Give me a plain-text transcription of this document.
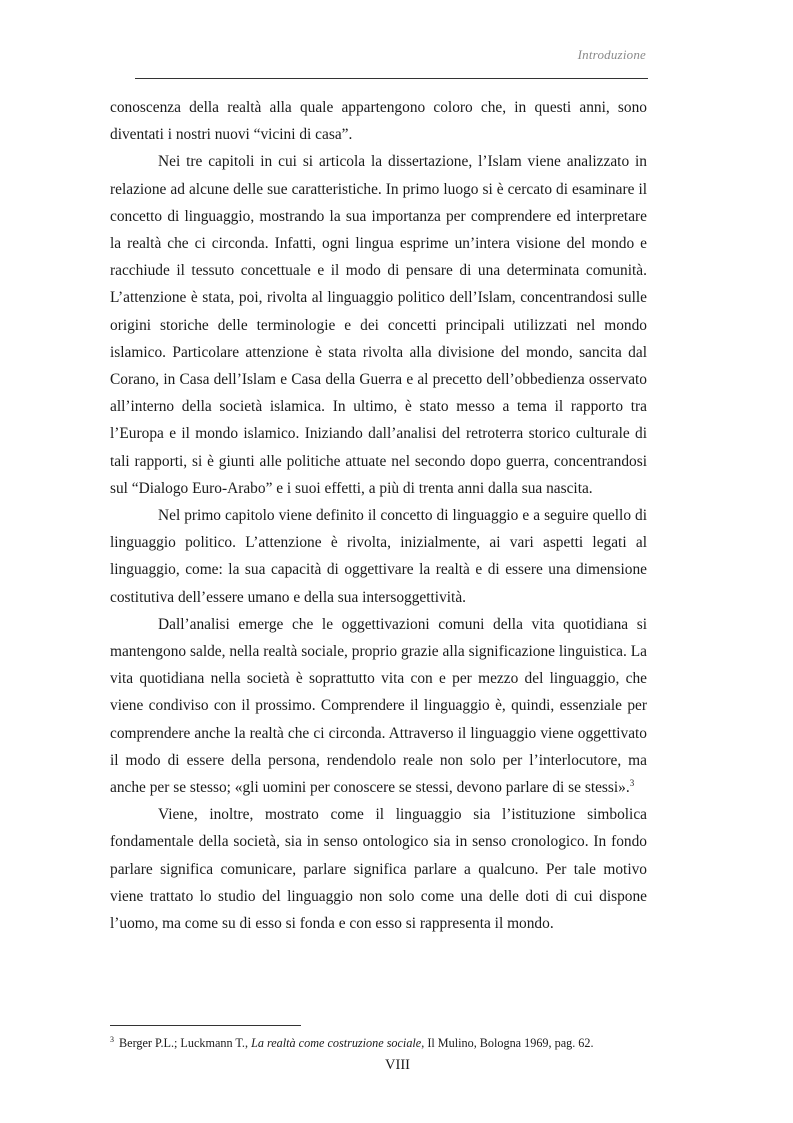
Introduzione

conoscenza della realtà alla quale appartengono coloro che, in questi anni, sono diventati i nostri nuovi “vicini di casa”.

Nei tre capitoli in cui si articola la dissertazione, l’Islam viene analizzato in relazione ad alcune delle sue caratteristiche. In primo luogo si è cercato di esaminare il concetto di linguaggio, mostrando la sua importanza per comprendere ed interpretare la realtà che ci circonda. Infatti, ogni lingua esprime un’intera visione del mondo e racchiude il tessuto concettuale e il modo di pensare di una determinata comunità. L’attenzione è stata, poi, rivolta al linguaggio politico dell’Islam, concentrandosi sulle origini storiche delle terminologie e dei concetti principali utilizzati nel mondo islamico. Particolare attenzione è stata rivolta alla divisione del mondo, sancita dal Corano, in Casa dell’Islam e Casa della Guerra e al precetto dell’obbedienza osservato all’interno della società islamica. In ultimo, è stato messo a tema il rapporto tra l’Europa e il mondo islamico. Iniziando dall’analisi del retroterra storico culturale di tali rapporti, si è giunti alle politiche attuate nel secondo dopo guerra, concentrandosi sul “Dialogo Euro-Arabo” e i suoi effetti, a più di trenta anni dalla sua nascita.

Nel primo capitolo viene definito il concetto di linguaggio e a seguire quello di linguaggio politico. L’attenzione è rivolta, inizialmente, ai vari aspetti legati al linguaggio, come: la sua capacità di oggettivare la realtà e di essere una dimensione costitutiva dell’essere umano e della sua intersoggettività.

Dall’analisi emerge che le oggettivazioni comuni della vita quotidiana si mantengono salde, nella realtà sociale, proprio grazie alla significazione linguistica. La vita quotidiana nella società è soprattutto vita con e per mezzo del linguaggio, che viene condiviso con il prossimo. Comprendere il linguaggio è, quindi, essenziale per comprendere anche la realtà che ci circonda. Attraverso il linguaggio viene oggettivato il modo di essere della persona, rendendolo reale non solo per l’interlocutore, ma anche per se stesso; «gli uomini per conoscere se stessi, devono parlare di se stessi».$^3$

Viene, inoltre, mostrato come il linguaggio sia l’istituzione simbolica fondamentale della società, sia in senso ontologico sia in senso cronologico. In fondo parlare significa comunicare, parlare significa parlare a qualcuno. Per tale motivo viene trattato lo studio del linguaggio non solo come una delle doti di cui dispone l’uomo, ma come su di esso si fonda e con esso si rappresenta il mondo.

$^3$ Berger P.L.; Luckmann T., La realtà come costruzione sociale, Il Mulino, Bologna 1969, pag. 62.
VIII
